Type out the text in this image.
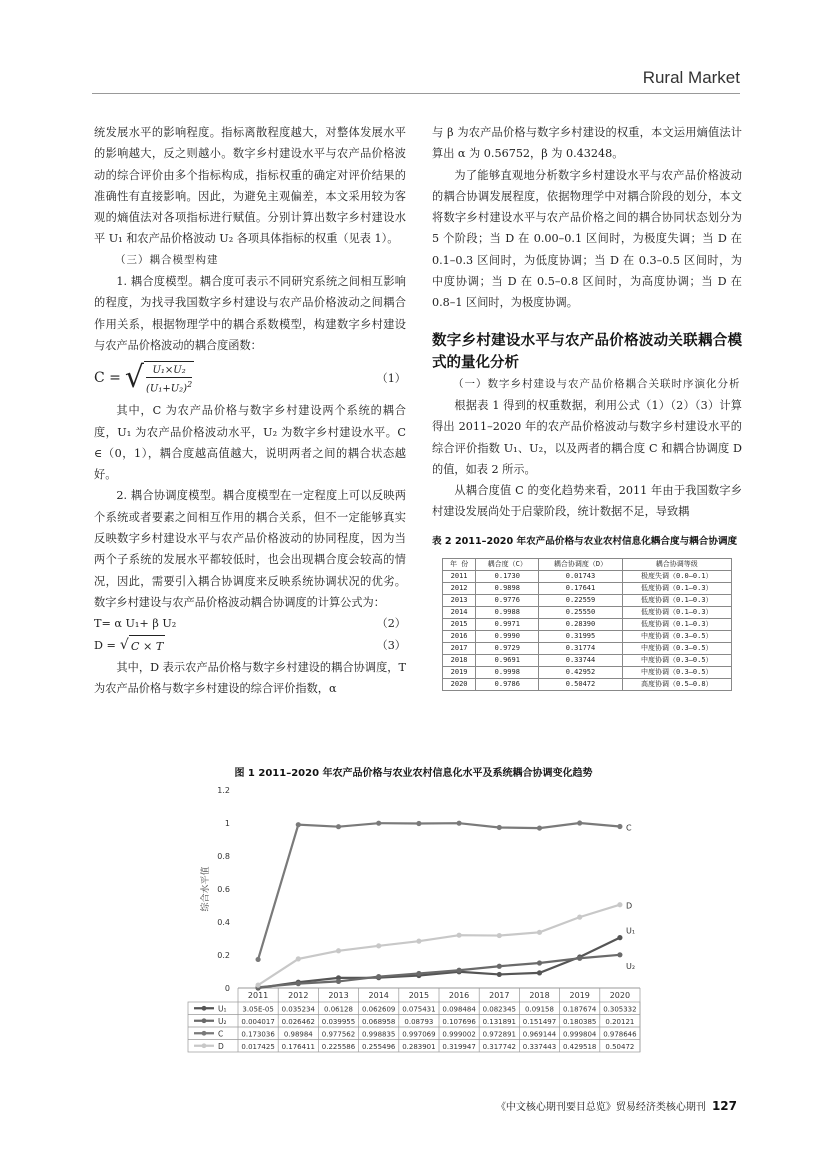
Rural Market

统发展水平的影响程度。指标离散程度越大，对整体发展水平的影响越大，反之则越小。数字乡村建设水平与农产品价格波动的综合评价由多个指标构成，指标权重的确定对评价结果的准确性有直接影响。因此，为避免主观偏差，本文采用较为客观的熵值法对各项指标进行赋值。分别计算出数字乡村建设水平 U₁ 和农产品价格波动 U₂ 各项具体指标的权重（见表 1）。

（三）耦合模型构建

1. 耦合度模型。耦合度可表示不同研究系统之间相互影响的程度，为找寻我国数字乡村建设与农产品价格波动之间耦合作用关系，根据物理学中的耦合系数模型，构建数字乡村建设与农产品价格波动的耦合度函数：

C = √ $\frac{\text{U₁×U₂}}{(U_1+U_2)^2}$	（1）

其中，C 为农产品价格与数字乡村建设两个系统的耦合度，U₁ 为农产品价格波动水平，U₂ 为数字乡村建设水平。C ∈（0，1），耦合度越高值越大，说明两者之间的耦合状态越好。

2. 耦合协调度模型。耦合度模型在一定程度上可以反映两个系统或者要素之间相互作用的耦合关系，但不一定能够真实反映数字乡村建设水平与农产品价格波动的协同程度，因为当两个子系统的发展水平都较低时，也会出现耦合度会较高的情况，因此，需要引入耦合协调度来反映系统协调状况的优劣。数字乡村建设与农产品价格波动耦合协调度的计算公式为：

T= α U₁+ β U₂	（2）
D = √ C × T	（3）

其中，D 表示农产品价格与数字乡村建设的耦合协调度，T 为农产品价格与数字乡村建设的综合评价指数，α

与 β 为农产品价格与数字乡村建设的权重，本文运用熵值法计算出 α 为 0.56752，β 为 0.43248。

为了能够直观地分析数字乡村建设水平与农产品价格波动的耦合协调发展程度，依据物理学中对耦合阶段的划分，本文将数字乡村建设水平与农产品价格之间的耦合协同状态划分为 5 个阶段；当 D 在 0.00–0.1 区间时，为极度失调；当 D 在 0.1–0.3 区间时，为低度协调；当 D 在 0.3–0.5 区间时，为中度协调；当 D 在 0.5–0.8 区间时，为高度协调；当 D 在 0.8–1 区间时，为极度协调。

数字乡村建设水平与农产品价格波动关联耦合模式的量化分析

（一）数字乡村建设与农产品价格耦合关联时序演化分析

根据表 1 得到的权重数据，利用公式（1）（2）（3）计算得出 2011–2020 年的农产品价格波动与数字乡村建设水平的综合评价指数 U₁、U₂，以及两者的耦合度 C 和耦合协调度 D 的值，如表 2 所示。

从耦合度值 C 的变化趋势来看，2011 年由于我国数字乡村建设发展尚处于启蒙阶段，统计数据不足，导致耦

表 2 2011–2020 年农产品价格与农业农村信息化耦合度与耦合协调度
年 份	耦合度（C）	耦合协调度（D）	耦合协调等级
2011	0.1730	0.01743	极度失调（0.0–0.1）
2012	0.9898	0.17641	低度协调（0.1–0.3）
2013	0.9776	0.22559	低度协调（0.1–0.3）
2014	0.9988	0.25550	低度协调（0.1–0.3）
2015	0.9971	0.28390	低度协调（0.1–0.3）
2016	0.9990	0.31995	中度协调（0.3–0.5）
2017	0.9729	0.31774	中度协调（0.3–0.5）
2018	0.9691	0.33744	中度协调（0.3–0.5）
2019	0.9998	0.42952	中度协调（0.3–0.5）
2020	0.9786	0.50472	高度协调（0.5–0.8）
图 1 2011–2020 年农产品价格与农业农村信息化水平及系统耦合协调变化趋势
0
0.2
0.4
0.6
0.8
1
1.2
综合水平值
U₁
U₂
C
D
2011 2012 2013 2014 2015 2016 2017 2018 2019 2020
U₁ 3.05E-05 0.035234 0.06128 0.062609 0.075431 0.098484 0.082345 0.09158 0.187674 0.305332
U₂ 0.004017 0.026462 0.039955 0.068958 0.08793 0.107696 0.131891 0.151497 0.180385 0.20121
C	0.173036 0.98984 0.977562 0.998835 0.997069 0.999002 0.972891 0.969144 0.999804 0.978646
D	0.017425 0.176411 0.225586 0.255496 0.283901 0.319947 0.317742 0.337443 0.429518 0.50472
《中文核心期刊要目总览》贸易经济类核心期刊 127
